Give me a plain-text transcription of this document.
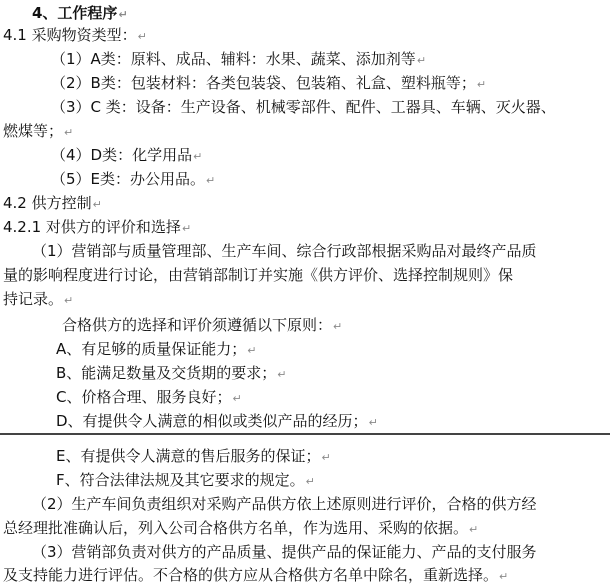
4、工作程序↵
4.1 采购物资类型：↵
（1）A类：原料、成品、辅料：水果、蔬菜、添加剂等↵
（2）B类：包装材料：各类包装袋、包装箱、礼盒、塑料瓶等；↵
（3）C 类：设备：生产设备、机械零部件、配件、工器具、车辆、灭火器、
燃煤等；↵
（4）D类：化学用品↵
（5）E类：办公用品。↵
4.2 供方控制↵
4.2.1 对供方的评价和选择↵
（1）营销部与质量管理部、生产车间、综合行政部根据采购品对最终产品质
量的影响程度进行讨论，由营销部制订并实施《供方评价、选择控制规则》保
持记录。↵
合格供方的选择和评价须遵循以下原则：↵
A、有足够的质量保证能力；↵
B、能满足数量及交货期的要求；↵
C、价格合理、服务良好；↵
D、有提供令人满意的相似或类似产品的经历；↵
E、有提供令人满意的售后服务的保证；↵
F、符合法律法规及其它要求的规定。↵
（2）生产车间负责组织对采购产品供方依上述原则进行评价，合格的供方经
总经理批准确认后，列入公司合格供方名单，作为选用、采购的依据。↵
（3）营销部负责对供方的产品质量、提供产品的保证能力、产品的支付服务
及支持能力进行评估。不合格的供方应从合格供方名单中除名，重新选择。↵
